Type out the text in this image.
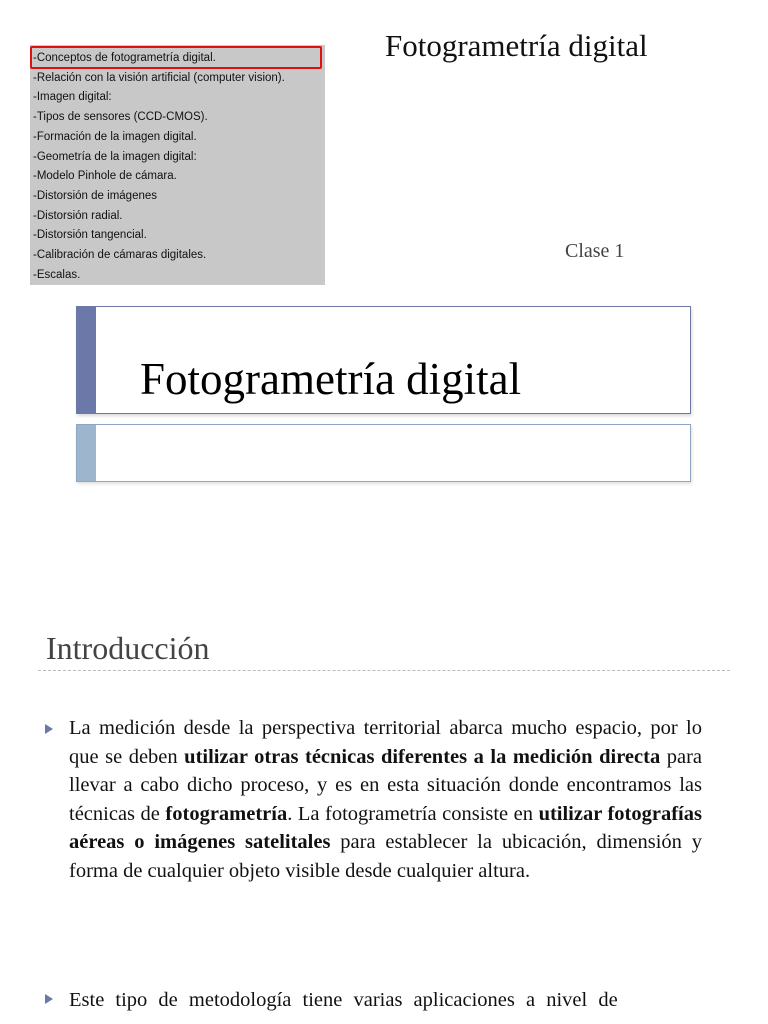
-Conceptos de fotogrametría digital.
-Relación con la visión artificial (computer vision).
-Imagen digital:
-Tipos de sensores (CCD-CMOS).
-Formación de la imagen digital.
-Geometría de la imagen digital:
-Modelo Pinhole de cámara.
-Distorsión de imágenes
-Distorsión radial.
-Distorsión tangencial.
-Calibración de cámaras digitales.
-Escalas.
Fotogrametría digital
Clase 1
Fotogrametría digital
Introducción
La medición desde la perspectiva territorial abarca mucho espacio, por lo que se deben utilizar otras técnicas diferentes a la medición directa para llevar a cabo dicho proceso, y es en esta situación donde encontramos las técnicas de fotogrametría. La fotogrametría consiste en utilizar fotografías aéreas o imágenes satelitales para establecer la ubicación, dimensión y forma de cualquier objeto visible desde cualquier altura.
Este tipo de metodología tiene varias aplicaciones a nivel de
